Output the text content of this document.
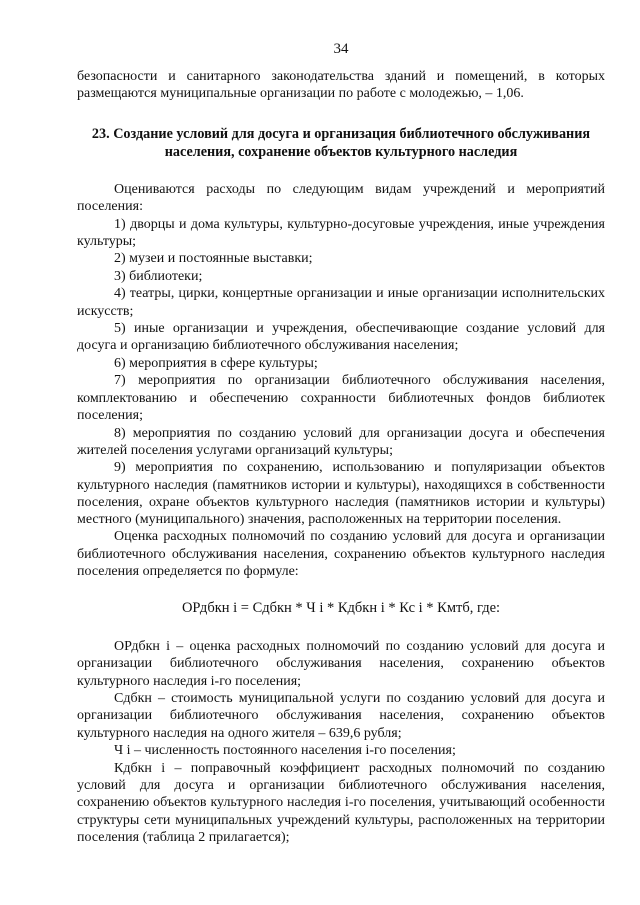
34

безопасности и санитарного законодательства зданий и помещений, в которых размещаются муниципальные организации по работе с молодежью, – 1,06.

23. Создание условий для досуга и организация библиотечного обслуживания населения, сохранение объектов культурного наследия

Оцениваются расходы по следующим видам учреждений и мероприятий поселения:

1) дворцы и дома культуры, культурно-досуговые учреждения, иные учреждения культуры;

2) музеи и постоянные выставки;

3) библиотеки;

4) театры, цирки, концертные организации и иные организации исполнительских искусств;

5) иные организации и учреждения, обеспечивающие создание условий для досуга и организацию библиотечного обслуживания населения;

6) мероприятия в сфере культуры;

7) мероприятия по организации библиотечного обслуживания населения, комплектованию и обеспечению сохранности библиотечных фондов библиотек поселения;

8) мероприятия по созданию условий для организации досуга и обеспечения жителей поселения услугами организаций культуры;

9) мероприятия по сохранению, использованию и популяризации объектов культурного наследия (памятников истории и культуры), находящихся в собственности поселения, охране объектов культурного наследия (памятников истории и культуры) местного (муниципального) значения, расположенных на территории поселения.

Оценка расходных полномочий по созданию условий для досуга и организации библиотечного обслуживания населения, сохранению объектов культурного наследия поселения определяется по формуле:

ОРдбкн i = Сдбкн * Ч i * Кдбкн i * Кс i * Кмтб, где:

ОРдбкн i – оценка расходных полномочий по созданию условий для досуга и организации библиотечного обслуживания населения, сохранению объектов культурного наследия i-го поселения;

Сдбкн – стоимость муниципальной услуги по созданию условий для досуга и организации библиотечного обслуживания населения, сохранению объектов культурного наследия на одного жителя – 639,6 рубля;

Ч i – численность постоянного населения i-го поселения;

Кдбкн i – поправочный коэффициент расходных полномочий по созданию условий для досуга и организации библиотечного обслуживания населения, сохранению объектов культурного наследия i-го поселения, учитывающий особенности структуры сети муниципальных учреждений культуры, расположенных на территории поселения (таблица 2 прилагается);
